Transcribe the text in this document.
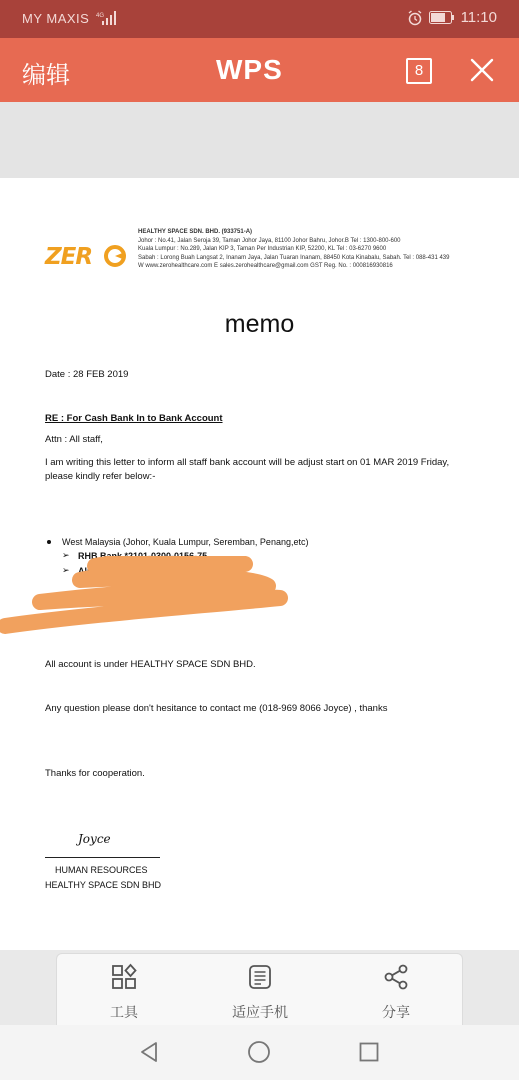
MY MAXIS 4G	11:10
编辑	WPS	8
ZER
HEALTHY SPACE SDN. BHD. (933751-A)
Johor : No.41, Jalan Seroja 39, Taman Johor Jaya, 81100 Johor Bahru, Johor.B Tel : 1300-800-600
Kuala Lumpur : No.289, Jalan KIP 3, Taman Per Industrian KIP, 52200, KL Tel : 03-6270 9600
Sabah : Lorong Buah Langsat 2, Inanam Jaya, Jalan Tuaran Inanam, 88450 Kota Kinabalu, Sabah. Tel : 088-431 439
W www.zerohealthcare.com E sales.zerohealthcare@gmail.com GST Reg. No. : 000816930816
memo
Date : 28 FEB 2019
RE : For Cash Bank In to Bank Account
Attn : All staff,
I am writing this letter to inform all staff bank account will be adjust start on 01 MAR 2019 Friday,
please kindly refer below:-
West Malaysia (Johor, Kuala Lumpur, Seremban, Penang,etc)
➢ RHB Bank *2101-0300-0156-75
➢ Alliance B
All account is under HEALTHY SPACE SDN BHD.
Any question please don't hesitance to contact me (018-969 8066 Joyce) , thanks
Thanks for cooperation.
Joyce
HUMAN RESOURCES
HEALTHY SPACE SDN BHD
工具	适应手机	分享
